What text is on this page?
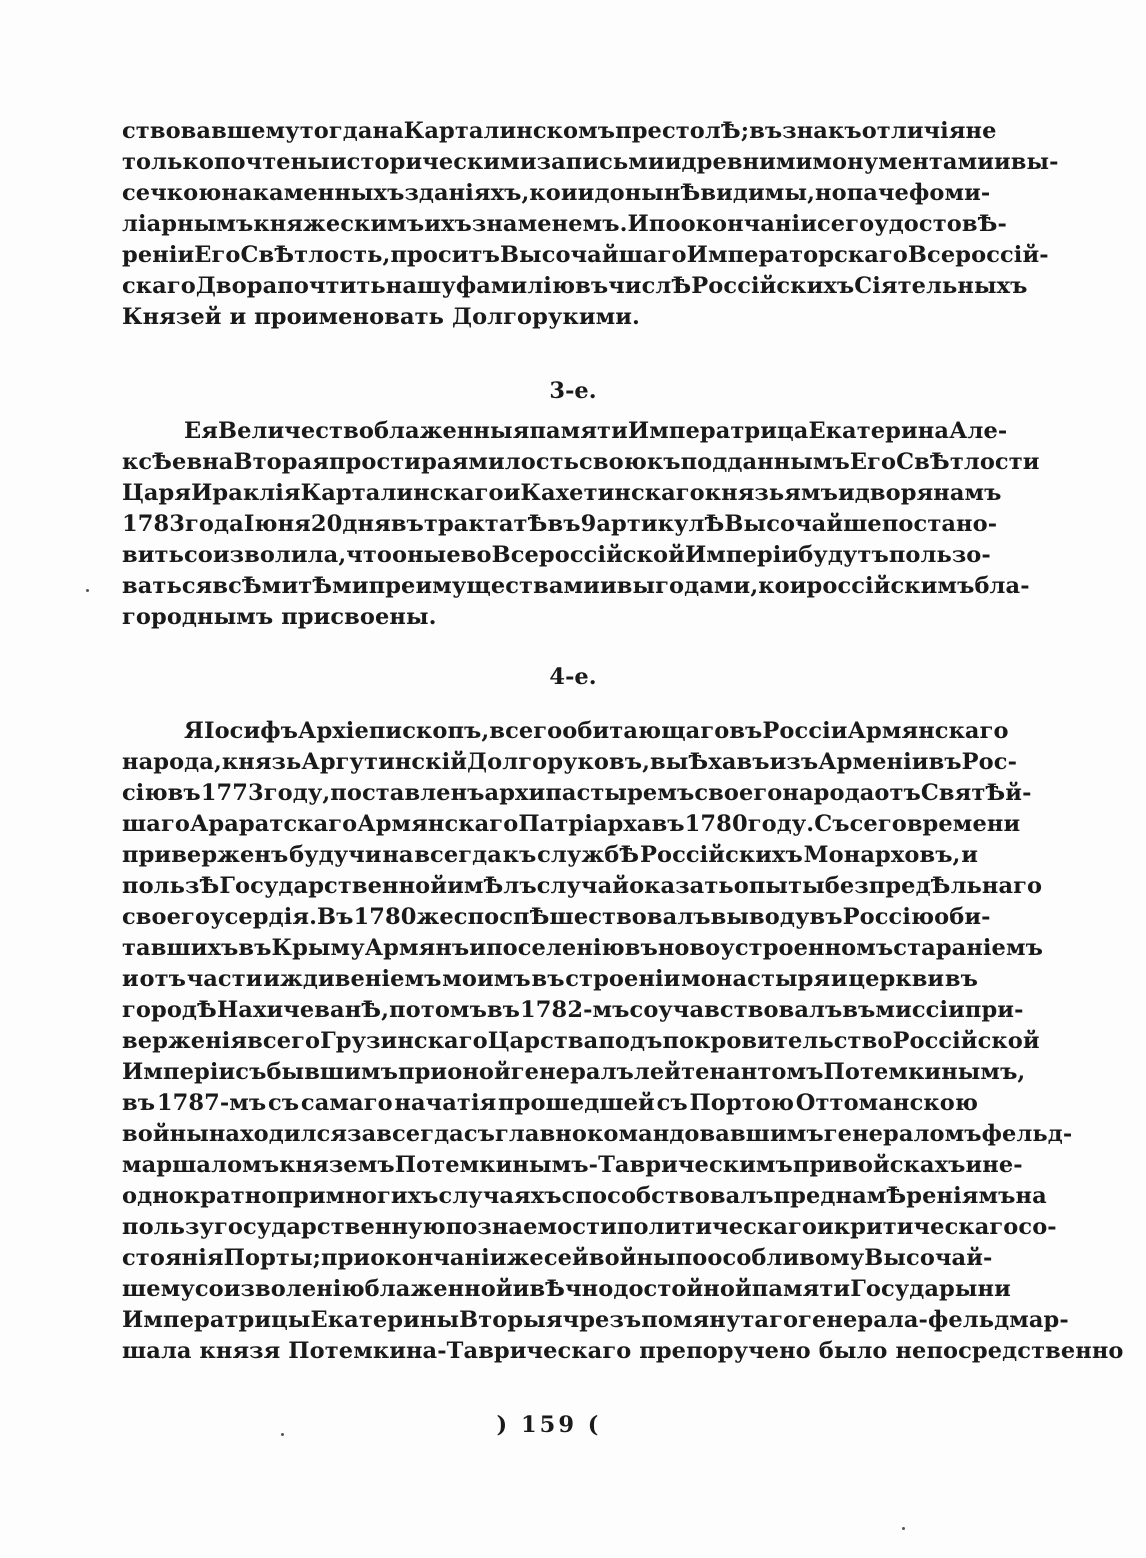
ствовавшему тогда на Карталинскомъ престолѢ; въ знакъ отличія не
только почтены историческими записьми и древними монументами и вы-
сечкою на каменныхъ зданіяхъ, кои и до нынѢ видимы, но паче фоми-
ліарнымъ княжескимъ ихъ знаменемъ. И по окончаніи сего удостовѢ-
реніи Его СвѢтлость, проситъ Высочайшаго Императорскаго Всероссій-
скаго Двора почтить нашу фамилію въ числѢ Россійскихъ Сіятельныхъ
Князей и проименовать Долгорукими.
3-е.
Ея Величество блаженныя памяти Императрица Екатерина Але-
ксѢевна Вторая простирая милость свою къ подданнымъ Его СвѢтлости
Царя Ираклія Карталинскаго и Кахетинскаго князьямъ и дворянамъ
1783 года Іюня 20 дня въ трактатѢ въ 9 артикулѢ Высочайше постано-
вить соизволила, что оные во Всероссійской Имперіи будутъ пользо-
ваться всѢми тѢми преимуществами и выгодами, кои россійскимъ бла-
городнымъ присвоены.
4-е.
Я Іосифъ Архіепископъ, всего обитающаго въ Россіи Армянскаго
народа, князь Аргутинскій Долгоруковъ, выѢхавъ изъ Арменіи въ Рос-
сію въ 1773 году, поставленъ архипастыремъ своего народа отъ СвятѢй-
шаго Араратскаго Армянскаго Патріарха въ 1780 году. Съ сего времени
приверженъ будучи на всегда къ службѢ Россійскихъ Монарховъ, и
пользѢ Государственной имѢлъ случай оказать опыты безпредѢльнаго
своего усердія. Въ 1780 же споспѢшествовалъ выводу въ Россію оби-
тавшихъ въ Крыму Армянъ и поселенію въ новоустроенномъ стараніемъ
и отъ части иждивеніемъ моимъ въ строеніи монастыря и церкви въ
городѢ НахичеванѢ, потомъ въ 1782-мъ соучавствовалъ въ миссіи при-
верженія всего Грузинскаго Царства подъ покровительство Россійской
Имперіи съ бывшимъ при оной генералъ лейтенантомъ Потемкинымъ,
въ 1787-мъ съ самаго начатія прошедшей съ Портою Оттоманскою
войны находился за всегда съ главнокомандовавшимъ генераломъ фельд-
маршаломъ княземъ Потемкинымъ-Таврическимъ при войскахъ и не-
однократно при многихъ случаяхъ способствовалъ преднамѢреніямъ на
пользу государственную по знаемости политическаго и критическаго со-
стоянія Порты; при окончаніи же сей войны по особливому Высочай-
шему соизволенію блаженной и вѢчно достойной памяти Государыни
Императрицы Екатерины Вторыя чрезъ помянутаго генерала-фельдмар-
шала князя Потемкина-Таврическаго препоручено было непосредственно
) 159 (
